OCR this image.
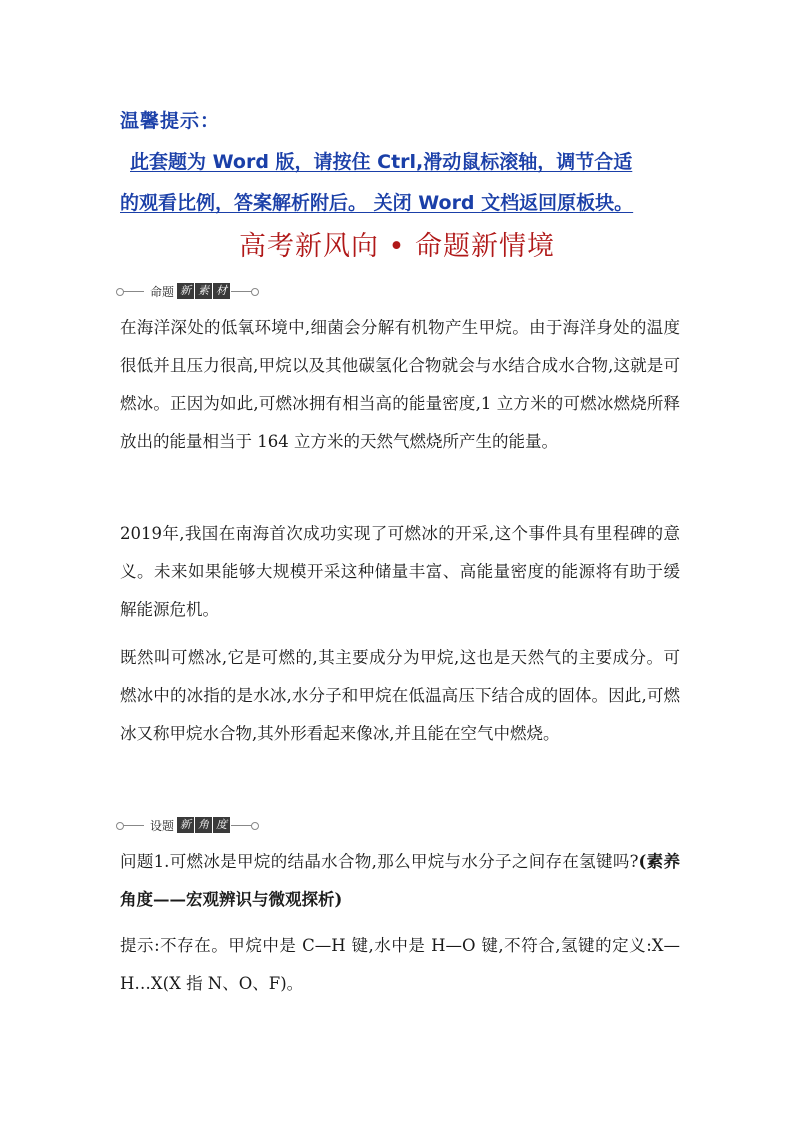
温馨提示：
此套题为 Word 版，请按住 Ctrl,滑动鼠标滚轴，调节合适
的观看比例，答案解析附后。 关闭 Word 文档返回原板块。
高考新风向 • 命题新情境
命题 新 素 材

在海洋深处的低氧环境中,细菌会分解有机物产生甲烷。由于海洋身处的温度很低并且压力很高,甲烷以及其他碳氢化合物就会与水结合成水合物,这就是可燃冰。正因为如此,可燃冰拥有相当高的能量密度,1 立方米的可燃冰燃烧所释放出的能量相当于 164 立方米的天然气燃烧所产生的能量。

2019年,我国在南海首次成功实现了可燃冰的开采,这个事件具有里程碑的意义。未来如果能够大规模开采这种储量丰富、高能量密度的能源将有助于缓解能源危机。

既然叫可燃冰,它是可燃的,其主要成分为甲烷,这也是天然气的主要成分。可燃冰中的冰指的是水冰,水分子和甲烷在低温高压下结合成的固体。因此,可燃冰又称甲烷水合物,其外形看起来像冰,并且能在空气中燃烧。

设题 新 角 度

问题1.可燃冰是甲烷的结晶水合物,那么甲烷与水分子之间存在氢键吗?(素养角度——宏观辨识与微观探析)

提示:不存在。甲烷中是 C—H 键,水中是 H—O 键,不符合,氢键的定义:X—H…X(X 指 N、O、F)。
